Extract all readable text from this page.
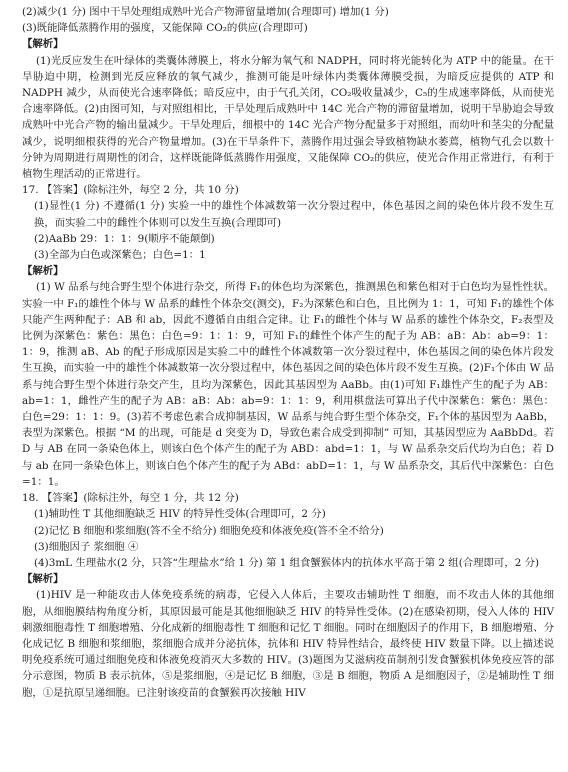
(2)减少(1 分) 图中干旱处理组成熟叶光合产物滞留量增加(合理即可) 增加(1 分)
(3)既能降低蒸腾作用的强度，又能保障 CO₂的供应(合理即可)
【解析】
(1)光反应发生在叶绿体的类囊体薄膜上，将水分解为氧气和 NADPH，同时将光能转化为 ATP 中的能量。在干旱胁迫中期，检测到光反应释放的氧气减少，推测可能是叶绿体内类囊体薄膜受损，为暗反应提供的 ATP 和 NADPH 减少，从而使光合速率降低；暗反应中，由于气孔关闭，CO₂吸收量减少，C₅的生成速率降低，从而使光合速率降低。(2)由图可知，与对照组相比，干旱处理后成熟叶中 14C 光合产物的滞留量增加，说明干旱胁迫会导致成熟叶中光合产物的输出量减少。干旱处理后，细根中的 14C 光合产物分配量多于对照组，而幼叶和茎尖的分配量减少，说明细根获得的光合产物量增加。(3)在干旱条件下，蒸腾作用过强会导致植物缺水萎蔫，植物气孔会以数十分钟为周期进行周期性的闭合，这样既能降低蒸腾作用强度，又能保障 CO₂的供应，使光合作用正常进行，有利于植物生理活动的正常进行。
17. 【答案】(除标注外，每空 2 分，共 10 分)
(1)显性(1 分) 不遵循(1 分) 实验一中的雄性个体减数第一次分裂过程中，体色基因之间的染色体片段不发生互换，而实验二中的雌性个体则可以发生互换(合理即可)
(2)AaBb 29：1：1：9(顺序不能颠倒)
(3)全部为白色或深紫色；白色=1：1
【解析】
(1) W 品系与纯合野生型个体进行杂交，所得 F₁的体色均为深紫色，推测黑色和紫色相对于白色均为显性性状。实验一中 F₁的雄性个体与 W 品系的雌性个体杂交(测交)，F₂为深紫色和白色，且比例为 1：1，可知 F₁的雄性个体只能产生两种配子：AB 和 ab，因此不遵循自由组合定律。让 F₁的雌性个体与 W 品系的雄性个体杂交，F₂表型及比例为深紫色：紫色：黑色：白色=9：1：1：9，可知 F₁的雌性个体产生的配子为 AB：aB：Ab：ab=9：1：1：9，推测 aB、Ab 的配子形成原因是实验二中的雌性个体减数第一次分裂过程中，体色基因之间的染色体片段发生互换，而实验一中的雄性个体减数第一次分裂过程中，体色基因之间的染色体片段不发生互换。(2)F₁个体由 W 品系与纯合野生型个体进行杂交产生，且均为深紫色，因此其基因型为 AaBb。由(1)可知 F₁雄性产生的配子为 AB：ab=1：1，雌性产生的配子为 AB：aB：Ab：ab=9：1：1：9，利用棋盘法可算出子代中深紫色：紫色：黑色：白色=29：1：1：9。(3)若不考虑色素合成抑制基因，W 品系与纯合野生型个体杂交，F₁个体的基因型为 AaBb，表型为深紫色。根据 “M 的出现，可能是 d 突变为 D，导致色素合成受到抑制” 可知，其基因型应为 AaBbDd。若 D 与 AB 在同一条染色体上，则该白色个体产生的配子为 ABD：abd=1：1，与 W 品系杂交后代均为白色；若 D 与 ab 在同一条染色体上，则该白色个体产生的配子为 ABd：abD=1：1，与 W 品系杂交，其后代中深紫色：白色=1：1。
18. 【答案】(除标注外，每空 1 分，共 12 分)
(1)辅助性 T 其他细胞缺乏 HIV 的特异性受体(合理即可，2 分)
(2)记忆 B 细胞和浆细胞(答不全不给分) 细胞免疫和体液免疫(答不全不给分)
(3)细胞因子 浆细胞 ④
(4)3mL 生理盐水(2 分，只答“生理盐水”给 1 分) 第 1 组食蟹猴体内的抗体水平高于第 2 组(合理即可，2 分)
【解析】
(1)HIV 是一种能攻击人体免疫系统的病毒，它侵入人体后，主要攻击辅助性 T 细胞，而不攻击人体的其他细胞，从细胞膜结构角度分析，其原因最可能是其他细胞缺乏 HIV 的特异性受体。(2)在感染初期，侵入人体的 HIV 刺激细胞毒性 T 细胞增殖、分化成新的细胞毒性 T 细胞和记忆 T 细胞。同时在细胞因子的作用下，B 细胞增殖、分化成记忆 B 细胞和浆细胞，浆细胞合成并分泌抗体，抗体和 HIV 特异性结合，最终使 HIV 数量下降。以上描述说明免疫系统可通过细胞免疫和体液免疫消灭大多数的 HIV。(3)题图为艾滋病疫苗制剂引发食蟹猴机体免疫应答的部分示意图，物质 B 表示抗体，⑤是浆细胞，④是记忆 B 细胞，③是 B 细胞，物质 A 是细胞因子，②是辅助性 T 细胞，①是抗原呈递细胞。已注射该疫苗的食蟹猴再次接触 HIV
